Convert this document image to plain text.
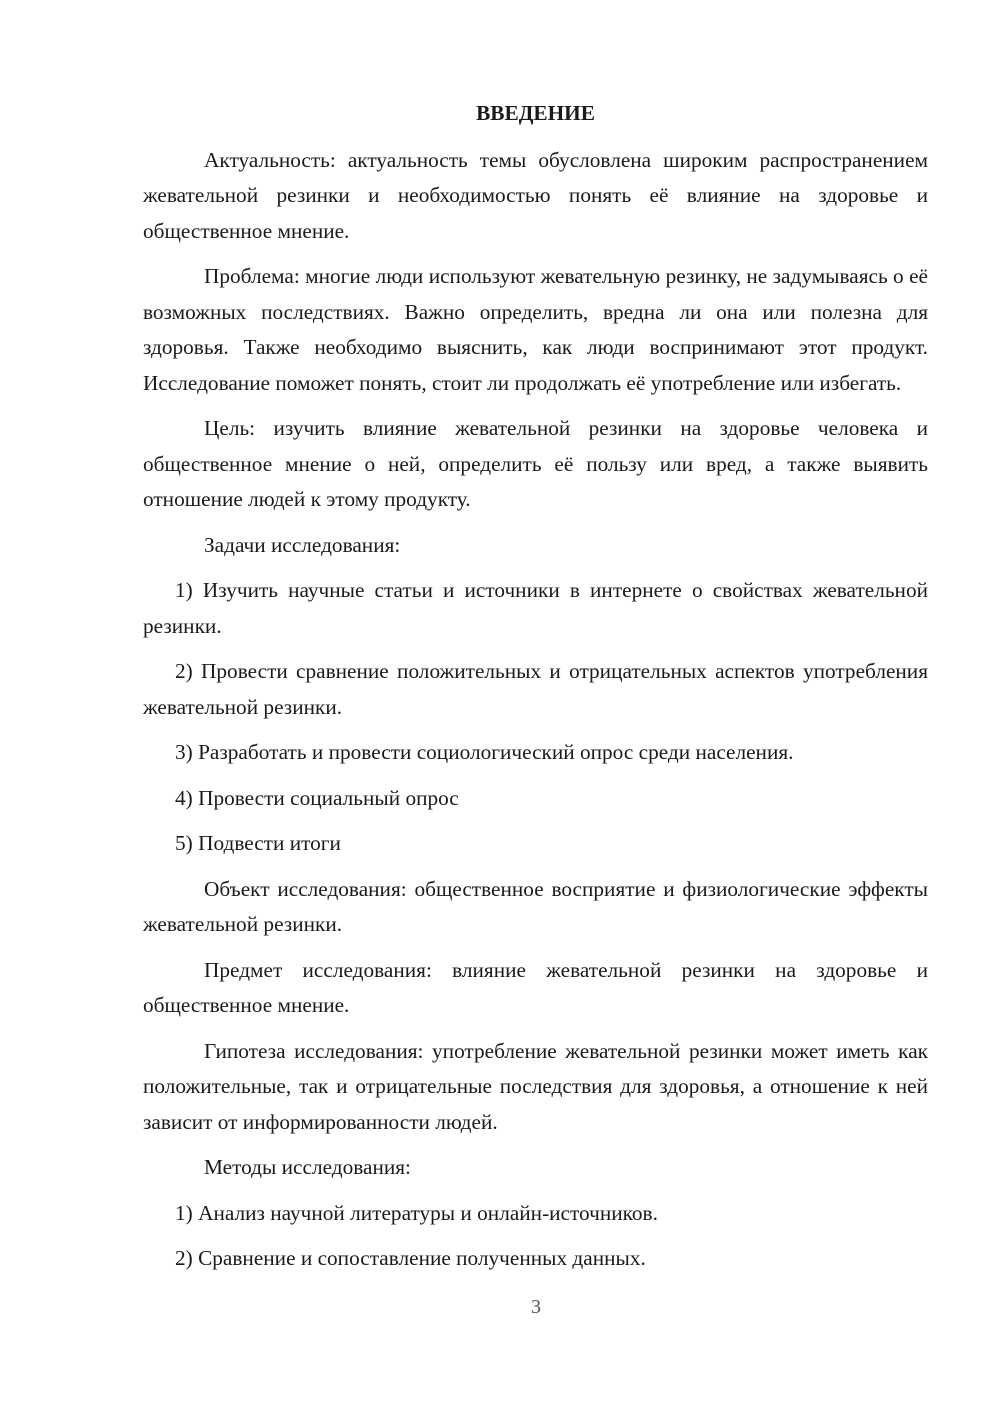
ВВЕДЕНИЕ

Актуальность: актуальность темы обусловлена широким распространением жевательной резинки и необходимостью понять её влияние на здоровье и общественное мнение.

Проблема: многие люди используют жевательную резинку, не задумываясь о её возможных последствиях. Важно определить, вредна ли она или полезна для здоровья. Также необходимо выяснить, как люди воспринимают этот продукт. Исследование поможет понять, стоит ли продолжать её употребление или избегать.

Цель: изучить влияние жевательной резинки на здоровье человека и общественное мнение о ней, определить её пользу или вред, а также выявить отношение людей к этому продукту.

Задачи исследования:

1) Изучить научные статьи и источники в интернете о свойствах жевательной резинки.

2) Провести сравнение положительных и отрицательных аспектов употребления жевательной резинки.

3) Разработать и провести социологический опрос среди населения.

4) Провести социальный опрос

5) Подвести итоги

Объект исследования: общественное восприятие и физиологические эффекты жевательной резинки.

Предмет исследования: влияние жевательной резинки на здоровье и общественное мнение.

Гипотеза исследования: употребление жевательной резинки может иметь как положительные, так и отрицательные последствия для здоровья, а отношение к ней зависит от информированности людей.

Методы исследования:

1) Анализ научной литературы и онлайн-источников.

2) Сравнение и сопоставление полученных данных.

3
